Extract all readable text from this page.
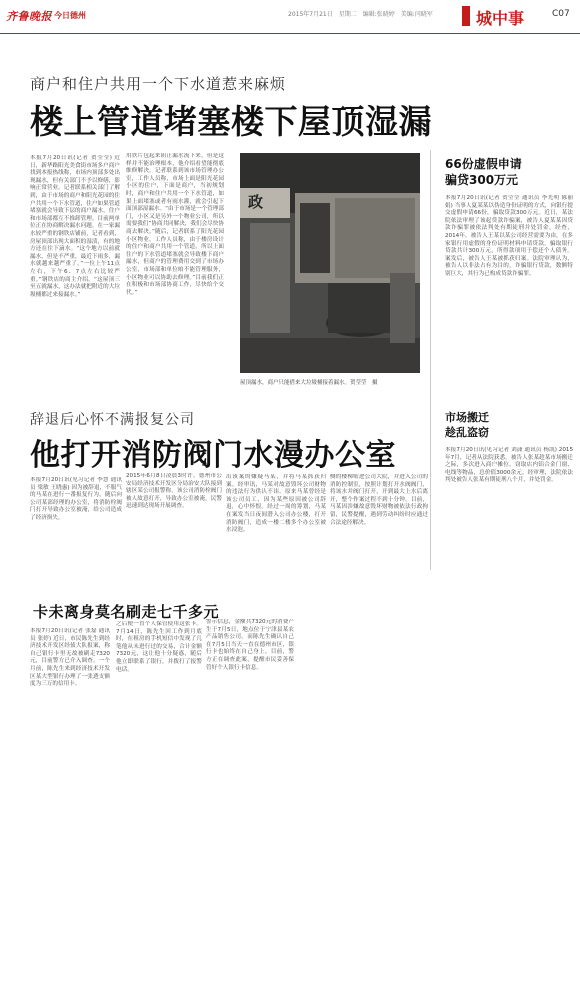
齐鲁晚报 今日德州	2015年7月21日　星期二　编辑:张晓婷　美编:闫晓军	城中事	C07
商户和住户共用一个下水道惹来麻烦
楼上管道堵塞楼下屋顶湿漏
本报7月20日讯(记者 贺莹莹) 近日，新华路阳光美食街市场多户商户找到本报热线称，市场内顶部多处出现漏水，但有关部门不予以修缮，影响正常营业。记者联系相关部门了解到，由于市场的商户和阳光花园的住户共用一个下水管道，住户如果管道堵塞就会导致下层的商户漏水，住户和市场部都互不推卸管理。目前两单位正在协商解决漏水问题。在一家漏水较严重的钢铁店铺前，记者看到，房屋顶部出现大面积的湿渍，有的地方还在往下滴水。“这个地方以前就漏水，但是不严重，最近下雨多，漏水就越来越严重了。”一位上午11点左右，下午6、7点左右比较严重。”钢铁店的商主介绍，“这屋顶三至五就漏水，这办法就把附近的大垃圾桶都过来接漏水。”
用铁片包起来阻止漏水流下来，但是这样并不能治理根本，他介绍看望能彻底维修解决。记者联系到该市场管理办公室，工作人员称，市场上面是阳光花园小区的住户，下面是商户，当初规划时，商户和住户共用一个下水管道，如果上面堵塞或者有雨水灌，就会引起下面顶部湿漏水。“由于市场是一个管理部门，小区又是另外一个物业公司，所以需要我们”协商共同解决，我们会尽快协商去解决。”随后，记者联系了阳光花园小区物业，工作人员称，由于楼房设计的住户和商户共用一个管道，所以上面住户的下水管道堵塞就会导致楼下商户漏水，但商户的管理费用交到了市场办公室，市场部和单位咱不能管理服务，小区物业可以协助去修理。”目前我们正在积极和市场部协商工作，尽快给个交代。”
政
屋顶漏水，商户只能借来大垃圾桶接着漏水。贺莹莹　摄
66份虚假申请
骗贷300万元
本报7月20日讯(记者 贺莹莹 通讯员 李光明 陈丽娟) 当事人夏某某以伪造身份证明的方式，向银行提交虚假申请66份，骗取贷款300万元。近日，某法院依法审理了该起贷款诈骗案，被告人夏某某因贷款诈骗罪被依法判处有期徒刑并处罚金。经查，2014年，被告人王某以某公司经营需要为由，在多家银行用虚假的身份证明材料申请贷款，骗取银行贷款共计300万元，所得款项用于偿还个人债务。案发后，被告人王某被抓获归案。法院审理认为，被告人以非法占有为目的，诈骗银行贷款，数额特别巨大，其行为已构成贷款诈骗罪。
市场搬迁
趁乱盗窃
本报7月20日讯(见习记者 刘潇 通讯员 杨凯) 2015年7月，记者从法院获悉，被告人张某趁某市场搬迁之际，多次进入商户摊位，窃取店内铝合金门窗、电线等物品，总价值3000余元。经审理，法院依法判处被告人张某有期徒刑八个月，并处罚金。
辞退后心怀不满报复公司
他打开消防阀门水漫办公室
本报7月20日讯(见习记者 李慧 通讯员 梁敏 王晓惠) 因为被辞退，不服气的马某在进行一番报复行为，随后向公司某部经理的办公室，将消防栓阀门打开导致办公室被淹，给公司造成了经济损失。
2015年6月8日凌晨3时许，德州市公安局经济技术开发区分局治安大队接到辖区某公司报警称，该公司消防栓阀门被人故意打开，导致办公室被淹。民警迅速到达现场开展调查。
出该案的嫌疑马某，并将马某抓获归案。经审讯，马某对故意毁坏公司财物的违法行为供认不讳。原来马某曾经是该公司员工，因为某些原因被公司辞退，心中怀恨。经过一周的筹划，马某在案发当日夜间潜入公司办公楼，打开消防阀门，造成一楼二楼多个办公室被水浸泡。
侧的楼梯贴进公司大院，并进入公司的消防控制室，按照计划打开水阀阀门，将该水并阀门打开，开到最大上水后离开，整个作案过程不到十分钟。目前，马某因涉嫌故意毁坏财物被依法行政拘留，民警提醒，遇到劳动纠纷时应通过合法途径解决。
卡未离身莫名刷走七千多元
本报7月20日讯(记者 张磊 通讯员 张婷) 近日，市民陈先生到经济技术开发区经侦大队报案，称自己银行卡里无故被刷走7320元，目前警方已介入调查。一个月前，陈先生来到经济技术开发区某大型银行办理了一张透支额度为三万的信用卡。
之后便一直个人保管使用这张卡。7月14日，陈先生回工作到月底时，在租房的手机短信中发现了几笔他从未进行过的交易，合计金额7320元，这让他十分疑惑，随后他立即联系了银行，并拨打了报警电话。
警示信息，金额共7320元的消费产生于7月5日，地点位于宁津县某农产品销售公司。而陈先生确认自己在7月5日当天一直在德州市区，银行卡也始终在自己身上。目前，警方正在调查此案，提醒市民妥善保管好个人银行卡信息。
